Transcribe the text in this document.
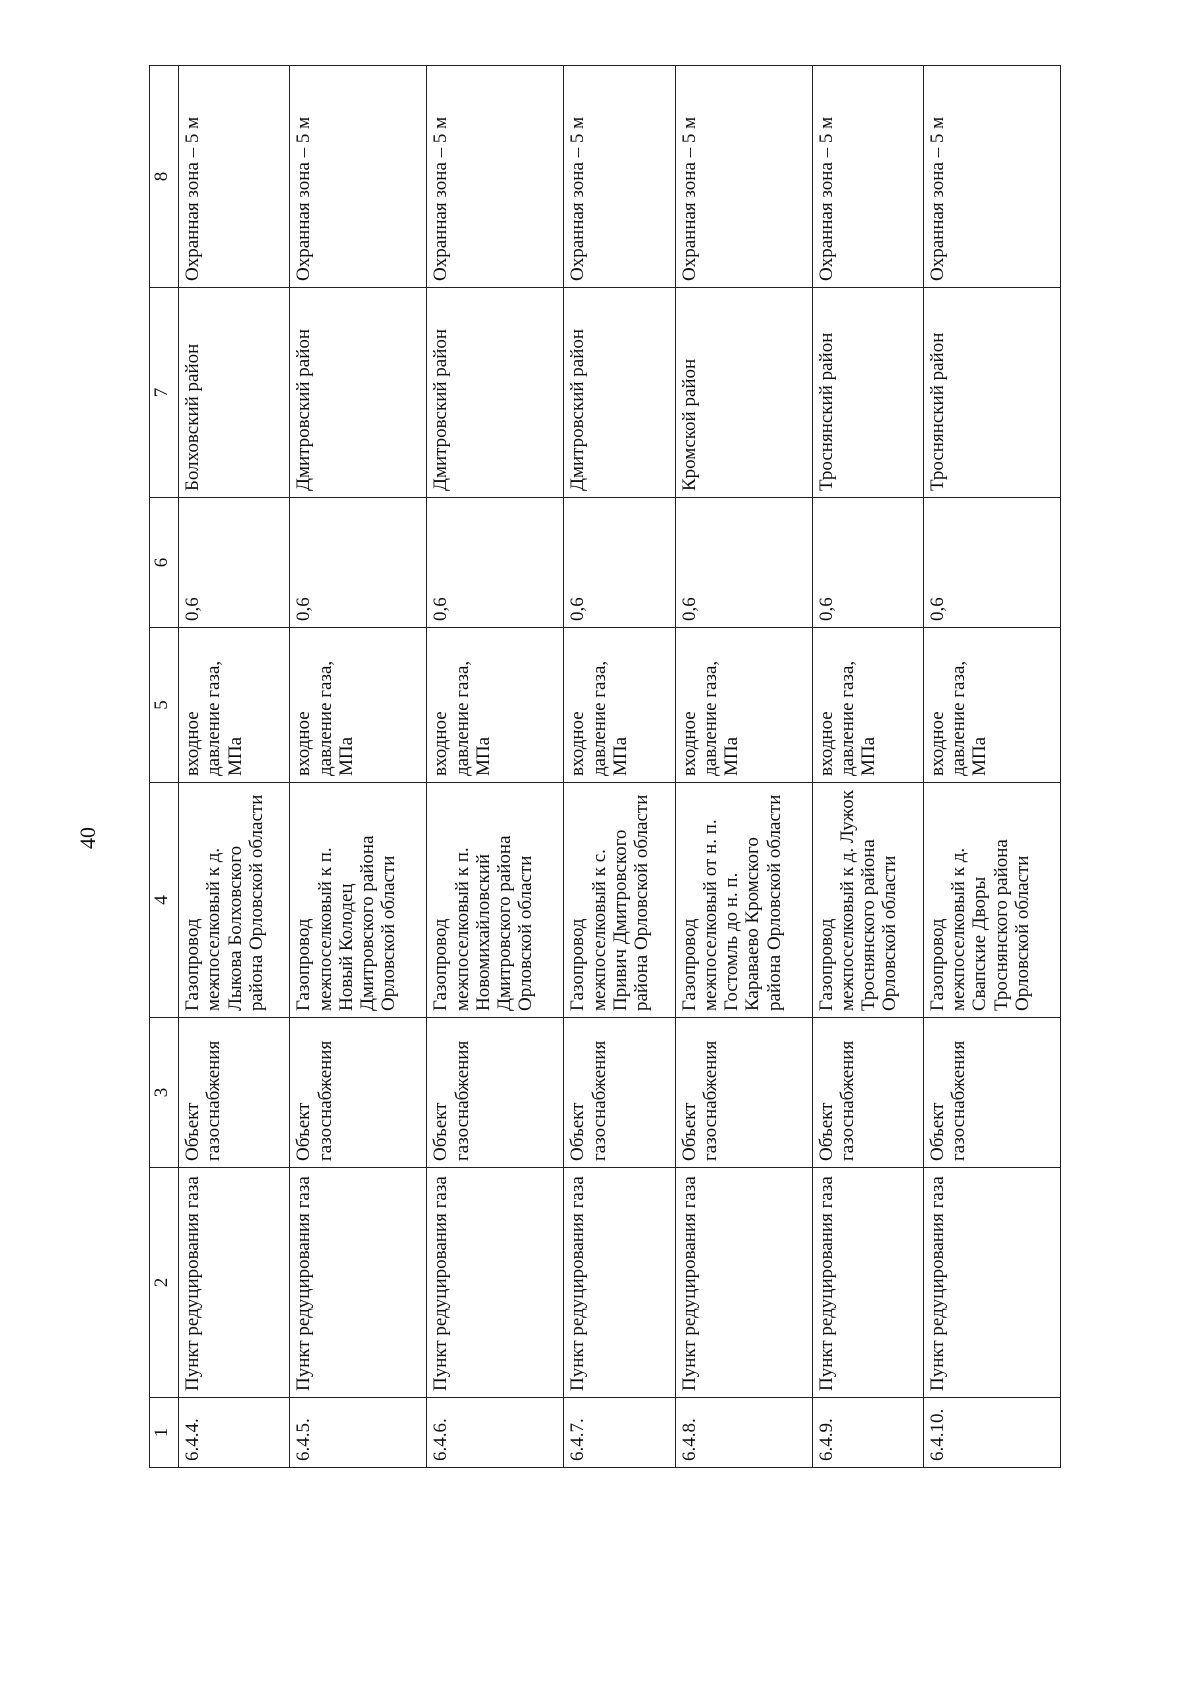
40
1	2	3	4	5	6	7	8
6.4.4.	Пункт редуцирования газа	Объект газоснабжения	Газопровод межпоселковый к д. Лыкова Болховского района Орловской области	входное давление газа, МПа	0,6	Болховский район	Охранная зона – 5 м
6.4.5.	Пункт редуцирования газа	Объект газоснабжения	Газопровод межпоселковый к п. Новый Колодец Дмитровского района Орловской области	входное давление газа, МПа	0,6	Дмитровский район	Охранная зона – 5 м
6.4.6.	Пункт редуцирования газа	Объект газоснабжения	Газопровод межпоселковый к п. Новомихайловский Дмитровского района Орловской области	входное давление газа, МПа	0,6	Дмитровский район	Охранная зона – 5 м
6.4.7.	Пункт редуцирования газа	Объект газоснабжения	Газопровод межпоселковый к с. Привич Дмитровского района Орловской области	входное давление газа, МПа	0,6	Дмитровский район	Охранная зона – 5 м
6.4.8.	Пункт редуцирования газа	Объект газоснабжения	Газопровод межпоселковый от н. п. Гостомль до н. п. Караваево Кромского района Орловской области	входное давление газа, МПа	0,6	Кромской район	Охранная зона – 5 м
6.4.9.	Пункт редуцирования газа	Объект газоснабжения	Газопровод межпоселковый к д. Лужок Троснянского района Орловской области	входное давление газа, МПа	0,6	Троснянский район	Охранная зона – 5 м
6.4.10.	Пункт редуцирования газа	Объект газоснабжения	Газопровод межпоселковый к д. Свапские Дворы Троснянского района Орловской области	входное давление газа, МПа	0,6	Троснянский район	Охранная зона – 5 м
